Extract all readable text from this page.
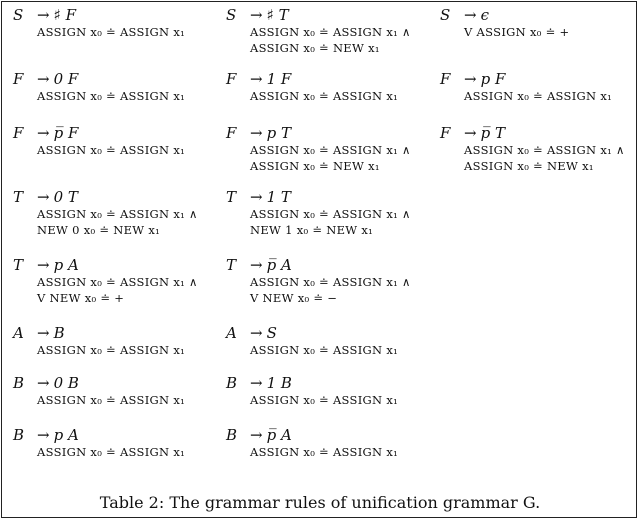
S → ♯ F
ASSIGN x₀ ≐ ASSIGN x₁
S → ♯ T
ASSIGN x₀ ≐ ASSIGN x₁ ∧
ASSIGN x₀ ≐ NEW x₁
S → ϵ
V ASSIGN x₀ ≐ +
F → 0 F
ASSIGN x₀ ≐ ASSIGN x₁
F → 1 F
ASSIGN x₀ ≐ ASSIGN x₁
F → p F
ASSIGN x₀ ≐ ASSIGN x₁
F → p̅ F
ASSIGN x₀ ≐ ASSIGN x₁
F → p T
ASSIGN x₀ ≐ ASSIGN x₁ ∧
ASSIGN x₀ ≐ NEW x₁
F → p̅ T
ASSIGN x₀ ≐ ASSIGN x₁ ∧
ASSIGN x₀ ≐ NEW x₁
T → 0 T
ASSIGN x₀ ≐ ASSIGN x₁ ∧
NEW 0 x₀ ≐ NEW x₁
T → 1 T
ASSIGN x₀ ≐ ASSIGN x₁ ∧
NEW 1 x₀ ≐ NEW x₁
T → p A
ASSIGN x₀ ≐ ASSIGN x₁ ∧
V NEW x₀ ≐ +
T → p̅ A
ASSIGN x₀ ≐ ASSIGN x₁ ∧
V NEW x₀ ≐ −
A → B
ASSIGN x₀ ≐ ASSIGN x₁
A → S
ASSIGN x₀ ≐ ASSIGN x₁
B → 0 B
ASSIGN x₀ ≐ ASSIGN x₁
B → 1 B
ASSIGN x₀ ≐ ASSIGN x₁
B → p A
ASSIGN x₀ ≐ ASSIGN x₁
B → p̅ A
ASSIGN x₀ ≐ ASSIGN x₁
Table 2: The grammar rules of unification grammar G.
